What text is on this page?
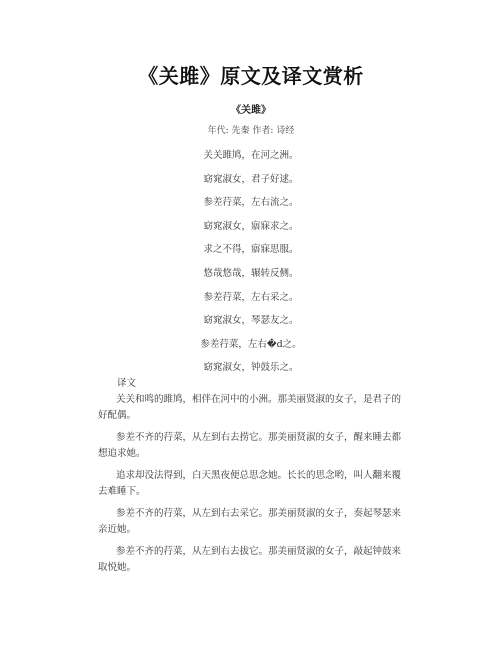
《关雎》原文及译文赏析
《关雎》
年代: 先秦 作者: 诗经
关关雎鸠，在河之洲。
窈窕淑女，君子好逑。
参差荇菜，左右流之。
窈窕淑女，寤寐求之。
求之不得，寤寐思服。
悠哉悠哉，辗转反侧。
参差荇菜，左右采之。
窈窕淑女，琴瑟友之。
参差荇菜，左右�d之。
窈窕淑女，钟鼓乐之。
译文

关关和鸣的雎鸠，相伴在河中的小洲。那美丽贤淑的女子，是君子的好配偶。

参差不齐的荇菜，从左到右去捞它。那美丽贤淑的女子，醒来睡去都想追求她。

追求却没法得到，白天黑夜便总思念她。长长的思念哟，叫人翻来覆去难睡下。

参差不齐的荇菜，从左到右去采它。那美丽贤淑的女子，奏起琴瑟来亲近她。

参差不齐的荇菜，从左到右去拔它。那美丽贤淑的女子，敲起钟鼓来取悦她。
